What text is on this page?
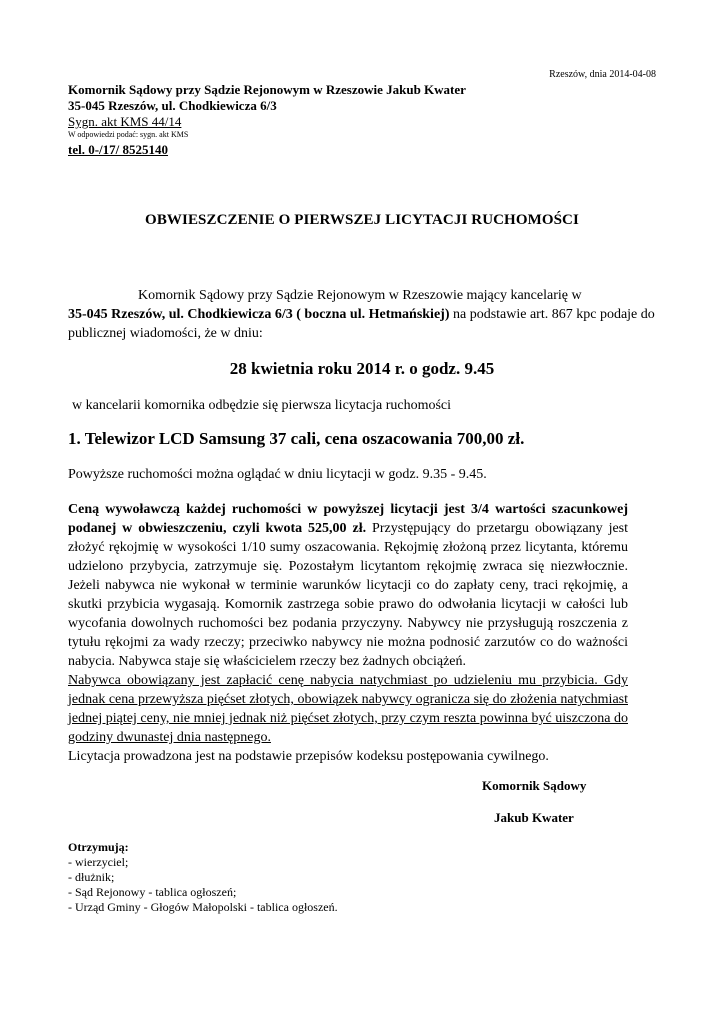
Rzeszów, dnia 2014-04-08
Komornik Sądowy przy Sądzie Rejonowym w Rzeszowie Jakub Kwater
35-045 Rzeszów, ul. Chodkiewicza 6/3
Sygn. akt KMS 44/14
W odpowiedzi podać: sygn. akt KMS
tel. 0-/17/ 8525140
OBWIESZCZENIE O PIERWSZEJ LICYTACJI RUCHOMOŚCI
Komornik Sądowy przy Sądzie Rejonowym w Rzeszowie mający kancelarię w
35-045 Rzeszów, ul. Chodkiewicza 6/3 ( boczna ul. Hetmańskiej) na podstawie art. 867 kpc podaje do
publicznej wiadomości, że w dniu:
28 kwietnia roku 2014 r. o godz. 9.45
w kancelarii komornika odbędzie się pierwsza licytacja ruchomości
1. Telewizor LCD Samsung 37 cali, cena oszacowania 700,00 zł.
Powyższe ruchomości można oglądać w dniu licytacji w godz. 9.35 - 9.45.
Ceną wywoławczą każdej ruchomości w powyższej licytacji jest 3/4 wartości szacunkowej podanej w obwieszczeniu, czyli kwota 525,00 zł. Przystępujący do przetargu obowiązany jest złożyć rękojmię w wysokości 1/10 sumy oszacowania. Rękojmię złożoną przez licytanta, któremu udzielono przybycia, zatrzymuje się. Pozostałym licytantom rękojmię zwraca się niezwłocznie. Jeżeli nabywca nie wykonał w terminie warunków licytacji co do zapłaty ceny, traci rękojmię, a skutki przybicia wygasają. Komornik zastrzega sobie prawo do odwołania licytacji w całości lub wycofania dowolnych ruchomości bez podania przyczyny. Nabywcy nie przysługują roszczenia z tytułu rękojmi za wady rzeczy; przeciwko nabywcy nie można podnosić zarzutów co do ważności nabycia. Nabywca staje się właścicielem rzeczy bez żadnych obciążeń.
Nabywca obowiązany jest zapłacić cenę nabycia natychmiast po udzieleniu mu przybicia. Gdy jednak cena przewyższa pięćset złotych, obowiązek nabywcy ogranicza się do złożenia natychmiast jednej piątej ceny, nie mniej jednak niż pięćset złotych, przy czym reszta powinna być uiszczona do godziny dwunastej dnia następnego.
Licytacja prowadzona jest na podstawie przepisów kodeksu postępowania cywilnego.
Komornik Sądowy
Jakub Kwater
Otrzymują:
- wierzyciel;
- dłużnik;
- Sąd Rejonowy - tablica ogłoszeń;
- Urząd Gminy - Głogów Małopolski - tablica ogłoszeń.
